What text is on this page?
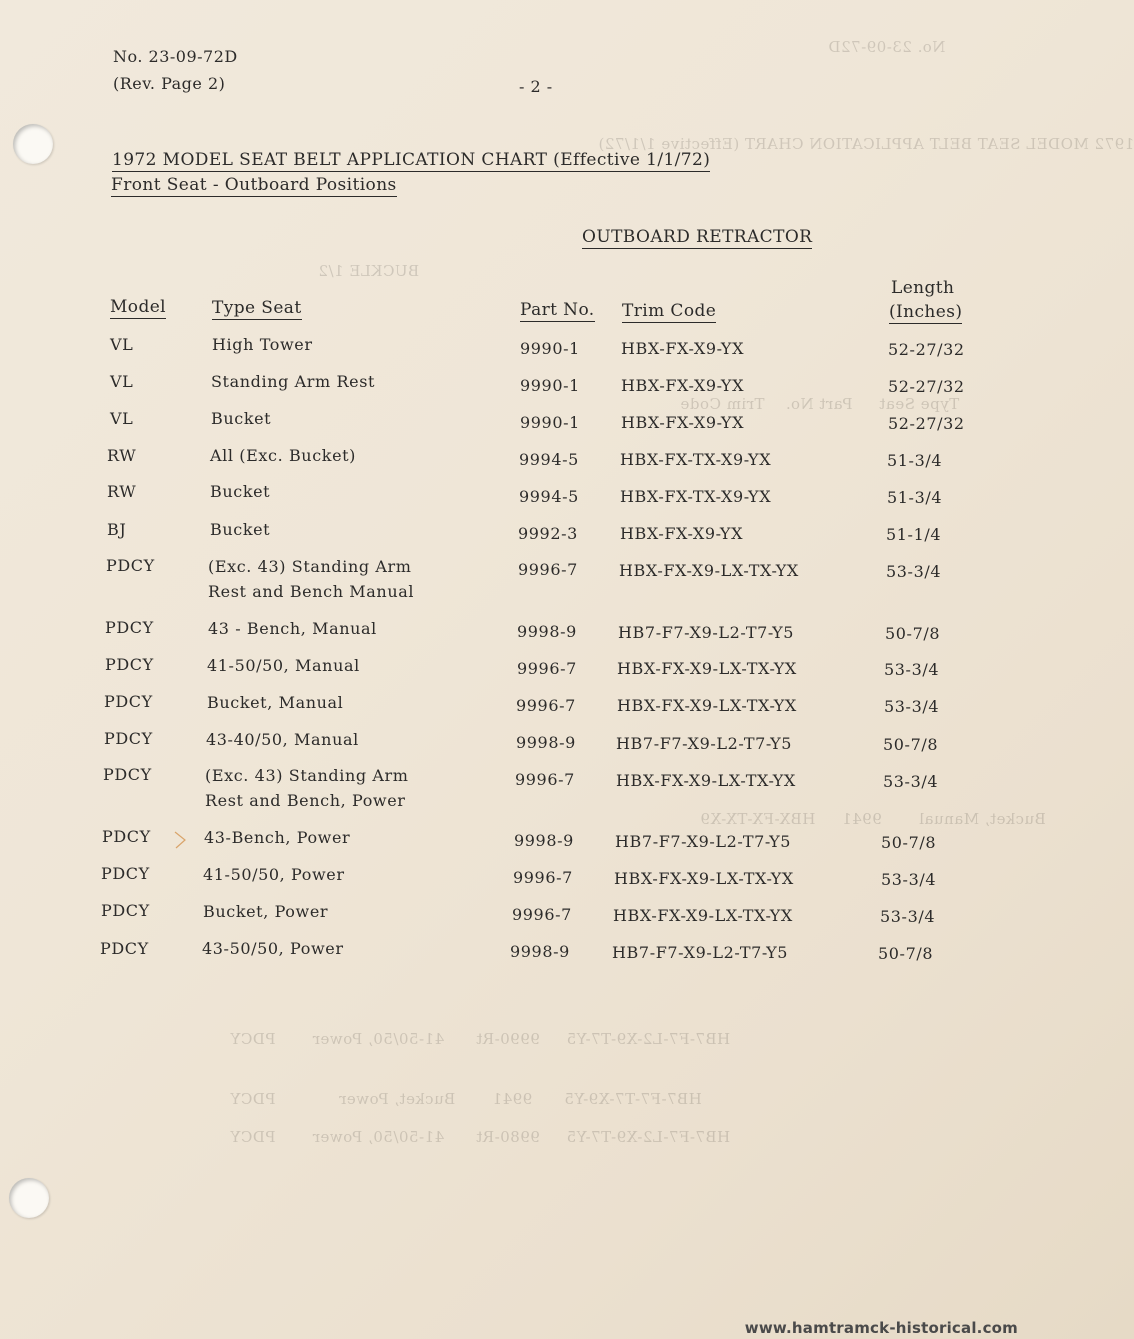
No. 23-09-72D
1972 MODEL SEAT BELT APPLICATION CHART (Effective 1/1/72)
BUCKLE 1/2
Type Seat     Part No.    Trim Code
Bucket, Manual       9941     HBX-FX-TX-X9
HB7-F7-L2-X9-T7-Y5     9990-Rt      41-50/50, Power       PDCY
HB7-F7-T7-X9-Y5      9941       Bucket, Power            PDCY
HB7-F7-L2-X9-T7-Y5     9980-Rt      41-50/50, Power       PDCY
No. 23-09-72D
(Rev. Page 2)	- 2 -
1972 MODEL SEAT BELT APPLICATION CHART (Effective 1/1/72)
Front Seat - Outboard Positions
OUTBOARD RETRACTOR
Model	Type Seat	Part No. Trim Code
Length
(Inches)
VL	High Tower	9990-1	HBX-FX-X9-YX	52-27/32
VL	Standing Arm Rest	9990-1	HBX-FX-X9-YX	52-27/32
VL	Bucket	9990-1	HBX-FX-X9-YX	52-27/32
RW	All (Exc. Bucket)	9994-5	HBX-FX-TX-X9-YX	51-3/4
RW	Bucket	9994-5	HBX-FX-TX-X9-YX	51-3/4
BJ	Bucket	9992-3	HBX-FX-X9-YX	51-1/4
PDCY	(Exc. 43) Standing Arm
Rest and Bench Manual
9996-7	HBX-FX-X9-LX-TX-YX	53-3/4
PDCY	43 - Bench, Manual	9998-9	HB7-F7-X9-L2-T7-Y5	50-7/8
PDCY	41-50/50, Manual	9996-7	HBX-FX-X9-LX-TX-YX	53-3/4
PDCY	Bucket, Manual	9996-7	HBX-FX-X9-LX-TX-YX	53-3/4
PDCY	43-40/50, Manual	9998-9	HB7-F7-X9-L2-T7-Y5	50-7/8
PDCY	(Exc. 43) Standing Arm
Rest and Bench, Power
9996-7	HBX-FX-X9-LX-TX-YX	53-3/4
PDCY	43-Bench, Power	9998-9	HB7-F7-X9-L2-T7-Y5	50-7/8
PDCY	41-50/50, Power	9996-7	HBX-FX-X9-LX-TX-YX	53-3/4
PDCY	Bucket, Power	9996-7	HBX-FX-X9-LX-TX-YX	53-3/4
PDCY	43-50/50, Power	9998-9	HB7-F7-X9-L2-T7-Y5	50-7/8
www.hamtramck-historical.com
